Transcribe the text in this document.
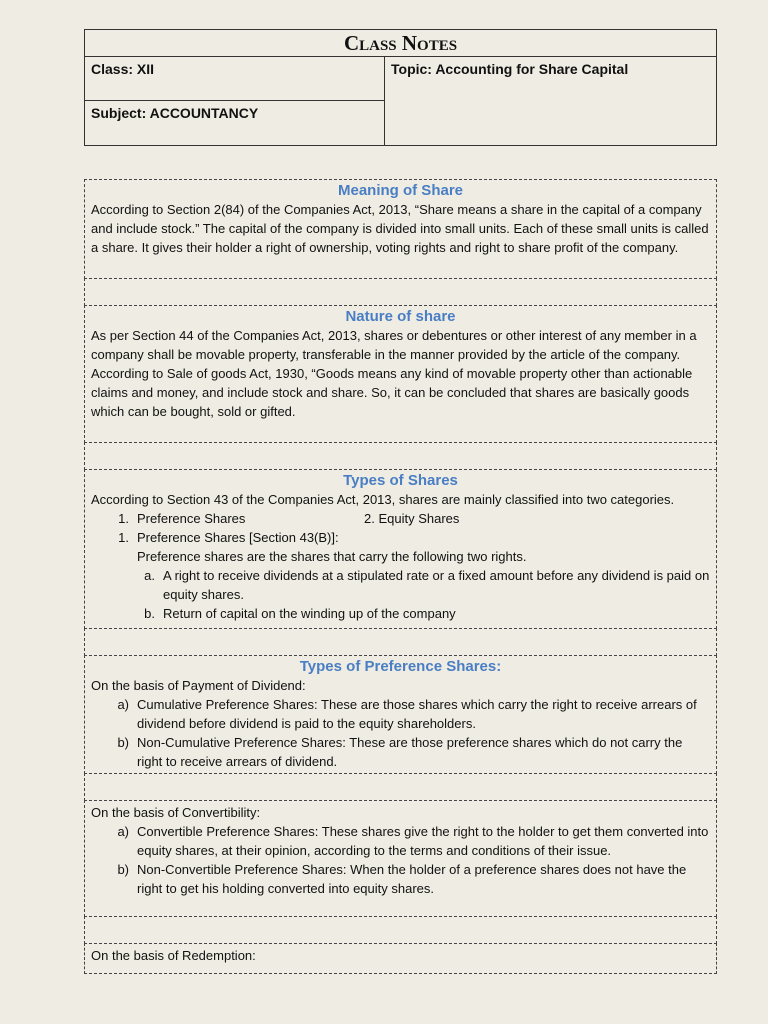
Class Notes
Class: XII
Subject: ACCOUNTANCY
Topic: Accounting for Share Capital
Meaning of Share
According to Section 2(84) of the Companies Act, 2013, “Share means a share in the capital of a company and include stock.” The capital of the company is divided into small units. Each of these small units is called a share. It gives their holder a right of ownership, voting rights and right to share profit of the company.
Nature of share
As per Section 44 of the Companies Act, 2013, shares or debentures or other interest of any member in a company shall be movable property, transferable in the manner provided by the article of the company.
According to Sale of goods Act, 1930, “Goods means any kind of movable property other than actionable claims and money, and include stock and share. So, it can be concluded that shares are basically goods which can be bought, sold or gifted.
Types of Shares
According to Section 43 of the Companies Act, 2013, shares are mainly classified into two categories.
1. Preference Shares	2. Equity Shares
1. Preference Shares [Section 43(B)]:
Preference shares are the shares that carry the following two rights.
a. A right to receive dividends at a stipulated rate or a fixed amount before any dividend is paid on equity shares.
b. Return of capital on the winding up of the company
Types of Preference Shares:
On the basis of Payment of Dividend:
a) Cumulative Preference Shares: These are those shares which carry the right to receive arrears of dividend before dividend is paid to the equity shareholders.
b) Non-Cumulative Preference Shares: These are those preference shares which do not carry the right to receive arrears of dividend.
On the basis of Convertibility:
a) Convertible Preference Shares: These shares give the right to the holder to get them converted into equity shares, at their opinion, according to the terms and conditions of their issue.
b) Non-Convertible Preference Shares: When the holder of a preference shares does not have the right to get his holding converted into equity shares.
On the basis of Redemption:
